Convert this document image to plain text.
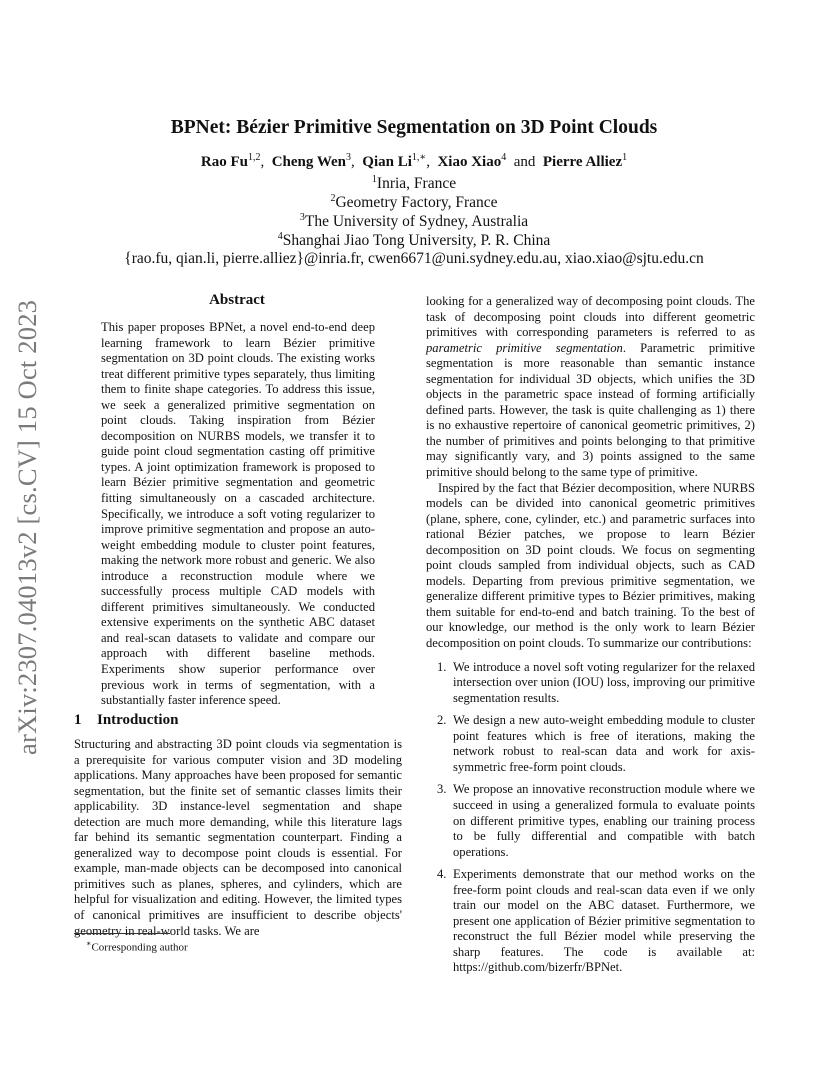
arXiv:2307.04013v2 [cs.CV] 15 Oct 2023
BPNet: Bézier Primitive Segmentation on 3D Point Clouds
Rao Fu$^{1,2}$, Cheng Wen$^3$, Qian $Li^{1,∗}$, Xiao Xiao$^4$ and Pierre Alliez$^1$
$^1$Inria, France
$^2$Geometry Factory, France
$^3$The University of Sydney, Australia
$^4$Shanghai Jiao Tong University, P. R. China
{rao.fu, qian.li, pierre.alliez}@inria.fr, cwen6671@uni.sydney.edu.au, xiao.xiao@sjtu.edu.cn
Abstract
This paper proposes BPNet, a novel end-to-end deep learning framework to learn Bézier primitive segmentation on 3D point clouds. The existing works treat different primitive types separately, thus limiting them to finite shape categories. To address this issue, we seek a generalized primitive segmentation on point clouds. Taking inspiration from Bézier decomposition on NURBS models, we transfer it to guide point cloud segmentation casting off primitive types. A joint optimization framework is proposed to learn Bézier primitive segmentation and geometric fitting simultaneously on a cascaded architecture. Specifically, we introduce a soft voting regularizer to improve primitive segmentation and propose an auto-weight embedding module to cluster point features, making the network more robust and generic. We also introduce a reconstruction module where we successfully process multiple CAD models with different primitives simultaneously. We conducted extensive experiments on the synthetic ABC dataset and real-scan datasets to validate and compare our approach with different baseline methods. Experiments show superior performance over previous work in terms of segmentation, with a substantially faster inference speed.
1 Introduction
Structuring and abstracting 3D point clouds via segmentation is a prerequisite for various computer vision and 3D modeling applications. Many approaches have been proposed for semantic segmentation, but the finite set of semantic classes limits their applicability. 3D instance-level segmentation and shape detection are much more demanding, while this literature lags far behind its semantic segmentation counterpart. Finding a generalized way to decompose point clouds is essential. For example, man-made objects can be decomposed into canonical primitives such as planes, spheres, and cylinders, which are helpful for visualization and editing. However, the limited types of canonical primitives are insufficient to describe objects' geometry in real-world tasks. We are

looking for a generalized way of decomposing point clouds. The task of decomposing point clouds into different geometric primitives with corresponding parameters is referred to as parametric primitive segmentation. Parametric primitive segmentation is more reasonable than semantic instance segmentation for individual 3D objects, which unifies the 3D objects in the parametric space instead of forming artificially defined parts. However, the task is quite challenging as 1) there is no exhaustive repertoire of canonical geometric primitives, 2) the number of primitives and points belonging to that primitive may significantly vary, and 3) points assigned to the same primitive should belong to the same type of primitive.

Inspired by the fact that Bézier decomposition, where NURBS models can be divided into canonical geometric primitives (plane, sphere, cone, cylinder, etc.) and parametric surfaces into rational Bézier patches, we propose to learn Bézier decomposition on 3D point clouds. We focus on segmenting point clouds sampled from individual objects, such as CAD models. Departing from previous primitive segmentation, we generalize different primitive types to Bézier primitives, making them suitable for end-to-end and batch training. To the best of our knowledge, our method is the only work to learn Bézier decomposition on point clouds. To summarize our contributions:

1. We introduce a novel soft voting regularizer for the relaxed intersection over union (IOU) loss, improving our primitive segmentation results.
2. We design a new auto-weight embedding module to cluster point features which is free of iterations, making the network robust to real-scan data and work for axis-symmetric free-form point clouds.
3. We propose an innovative reconstruction module where we succeed in using a generalized formula to evaluate points on different primitive types, enabling our training process to be fully differential and compatible with batch operations.
4. Experiments demonstrate that our method works on the free-form point clouds and real-scan data even if we only train our model on the ABC dataset. Furthermore, we present one application of Bézier primitive segmentation to reconstruct the full Bézier model while preserving the sharp features. The code is available at: https://github.com/bizerfr/BPNet.
∗Corresponding author
